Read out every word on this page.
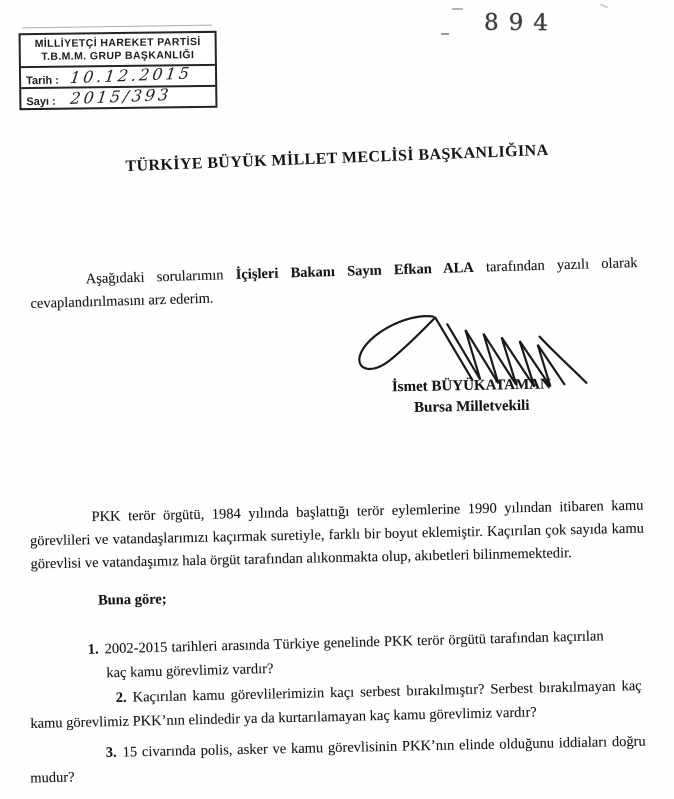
MİLLİYETÇİ HAREKET PARTİSİ
T.B.M.M. GRUP BAŞKANLIĞI
Tarih : 10.12.2015
Sayı : 2015/393
894
TÜRKİYE BÜYÜK MİLLET MECLİSİ BAŞKANLIĞINA

Aşağıdaki sorularımın İçişleri Bakanı Sayın Efkan ALA tarafından yazılı olarak cevaplandırılmasını arz ederim.

İsmet BÜYÜKATAMAN
Bursa Milletvekili

PKK terör örgütü, 1984 yılında başlattığı terör eylemlerine 1990 yılından itibaren kamu görevlileri ve vatandaşlarımızı kaçırmak suretiyle, farklı bir boyut eklemiştir. Kaçırılan çok sayıda kamu görevlisi ve vatandaşımız hala örgüt tarafından alıkonmakta olup, akıbetleri bilinmemektedir.

Buna göre;

1. 2002-2015 tarihleri arasında Türkiye genelinde PKK terör örgütü tarafından kaçırılan kaç kamu görevlimiz vardır?

2. Kaçırılan kamu görevlilerimizin kaçı serbest bırakılmıştır? Serbest bırakılmayan kaç kamu görevlimiz PKK’nın elindedir ya da kurtarılamayan kaç kamu görevlimiz vardır?

3. 15 civarında polis, asker ve kamu görevlisinin PKK’nın elinde olduğunu iddiaları doğru mudur?
